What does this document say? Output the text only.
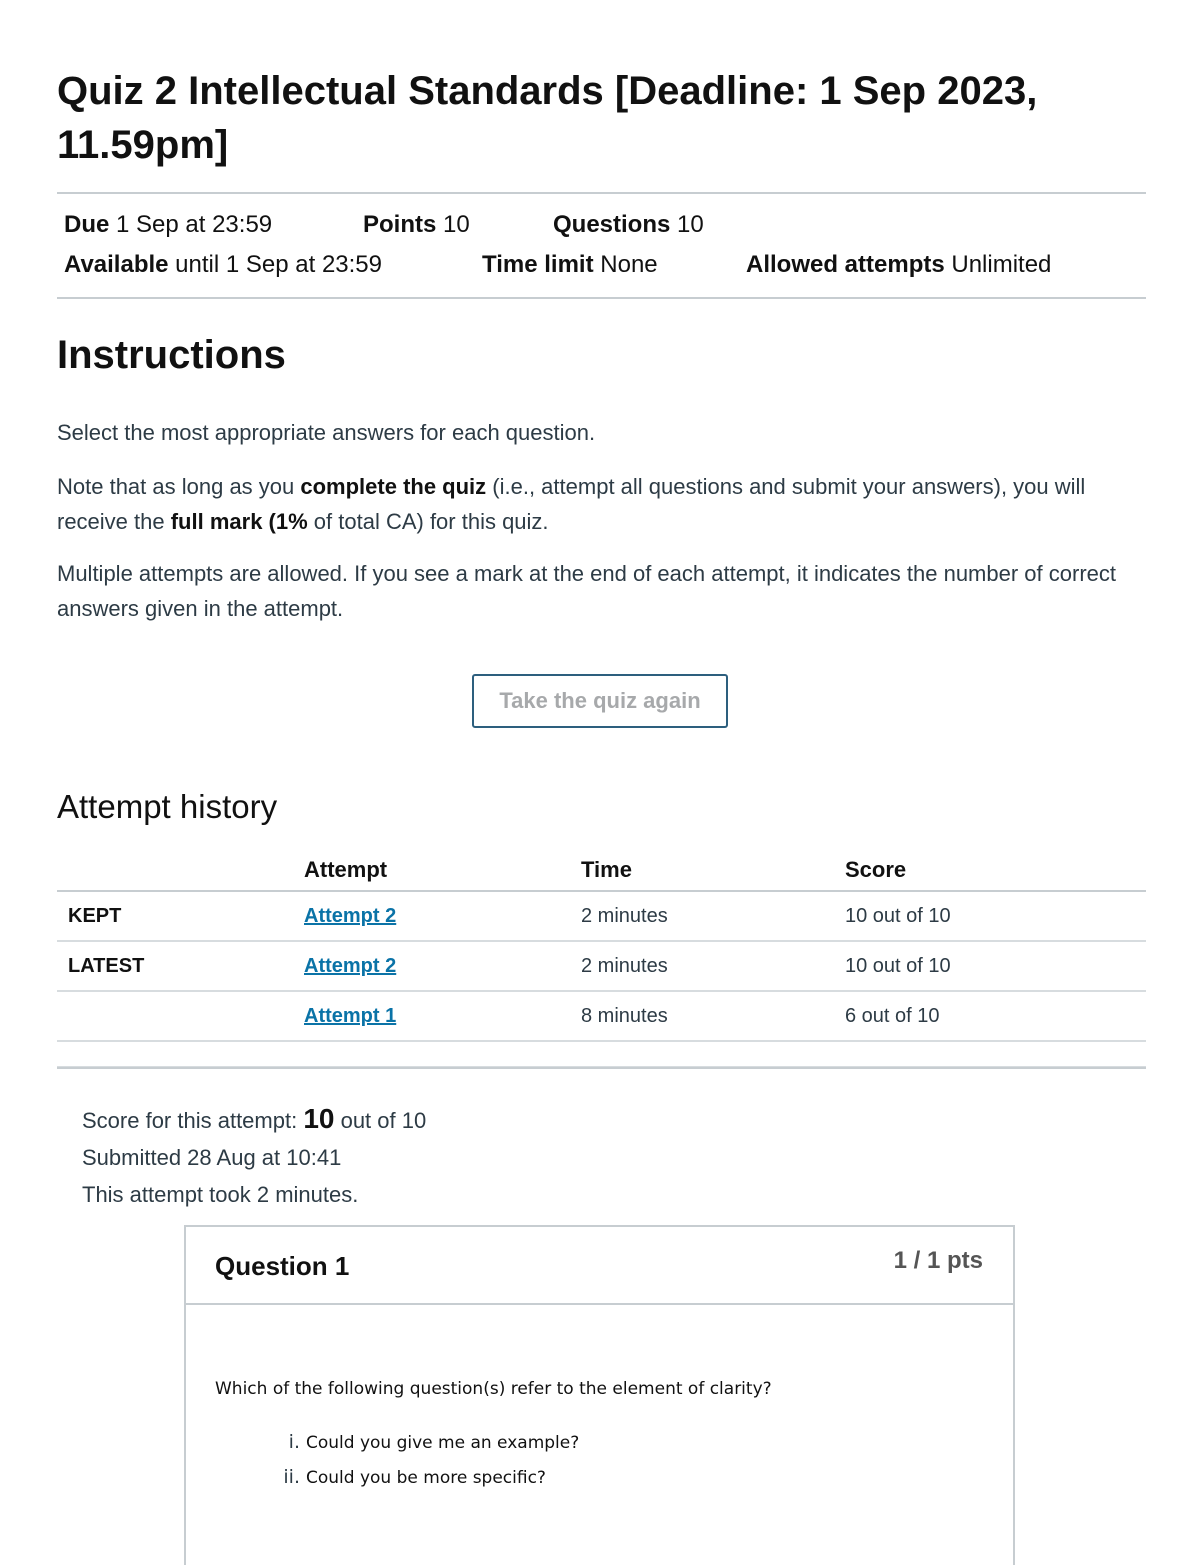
Quiz 2 Intellectual Standards [Deadline: 1 Sep 2023, 11.59pm]
Due 1 Sep at 23:59	Points 10	Questions 10
Available until 1 Sep at 23:59	Time limit None	Allowed attempts Unlimited
Instructions

Select the most appropriate answers for each question.

Note that as long as you complete the quiz (i.e., attempt all questions and submit your answers), you will receive the full mark (1% of total CA) for this quiz.

Multiple attempts are allowed. If you see a mark at the end of each attempt, it indicates the number of correct answers given in the attempt.

Take the quiz again
Attempt history
	Attempt	Time	Score
KEPT	Attempt 2	2 minutes	10 out of 10
LATEST	Attempt 2	2 minutes	10 out of 10
	Attempt 1	8 minutes	6 out of 10

Score for this attempt: 10 out of 10
Submitted 28 Aug at 10:41
This attempt took 2 minutes.
Question 1	1 / 1 pts
Which of the following question(s) refer to the element of clarity?
i. Could you give me an example?
ii. Could you be more specific?
